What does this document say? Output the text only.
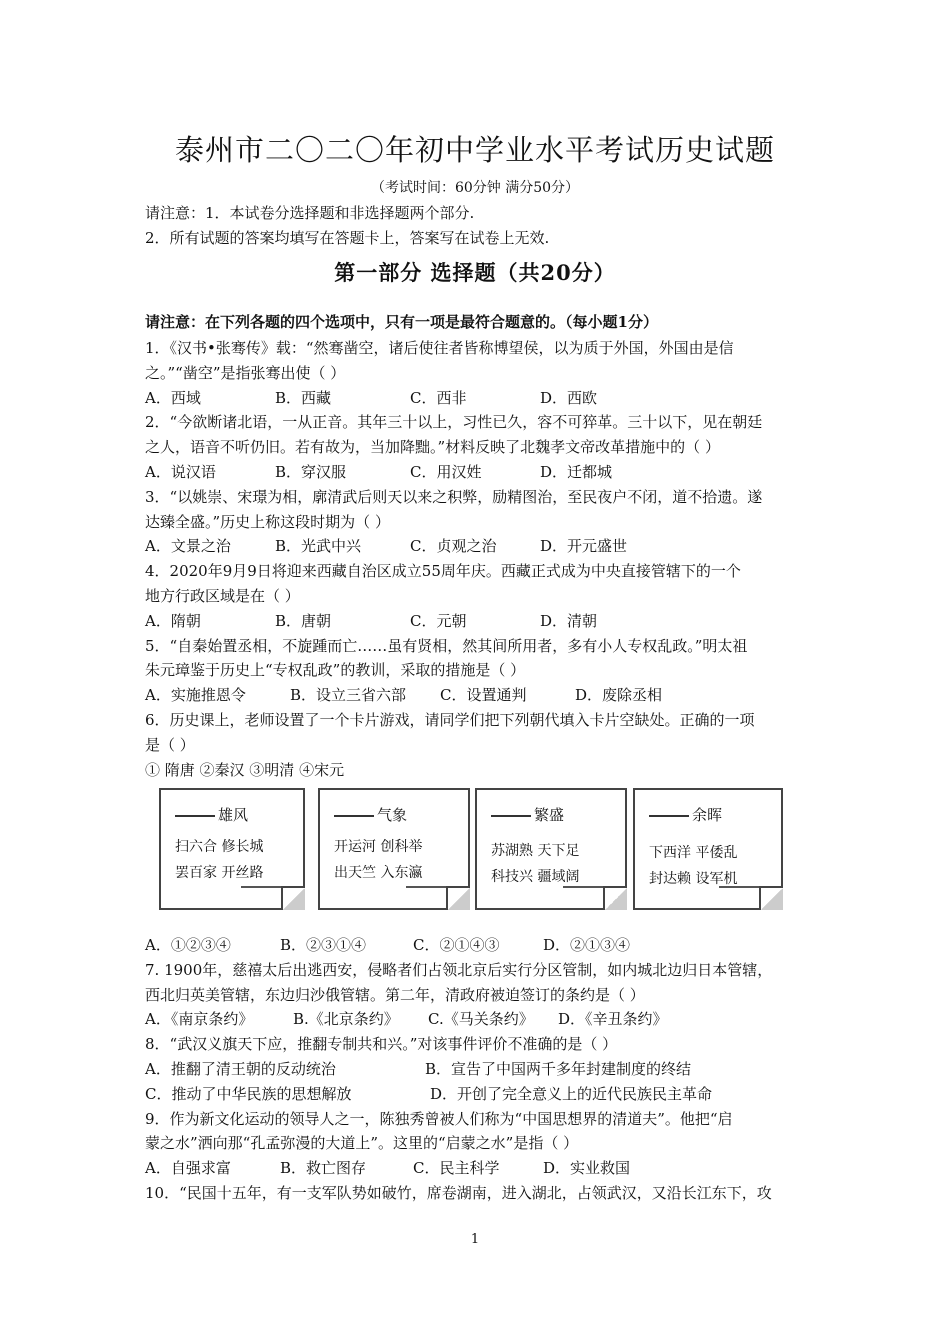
泰州市二〇二〇年初中学业水平考试历史试题
（考试时间：60分钟 满分50分）
请注意：1．本试卷分选择题和非选择题两个部分.
2．所有试题的答案均填写在答题卡上，答案写在试卷上无效.
第一部分 选择题（共20分）
请注意：在下列各题的四个选项中，只有一项是最符合题意的。（每小题1分）
1．《汉书•张骞传》载：“然骞凿空，诸后使往者皆称博望侯，以为质于外国，外国由是信
之。”“凿空”是指张骞出使（ ）
A．西域	B．西藏	C．西非	D．西欧
2．“今欲断诸北语，一从正音。其年三十以上，习性已久，容不可猝革。三十以下，见在朝廷
之人，语音不听仍旧。若有故为，当加降黜。”材料反映了北魏孝文帝改革措施中的（ ）
A．说汉语	B．穿汉服	C．用汉姓	D．迁都城
3．“以姚崇、宋璟为相，廓清武后则天以来之积弊，励精图治，至民夜户不闭，道不拾遗。遂
达臻全盛。”历史上称这段时期为（ ）
A．文景之治	B．光武中兴	C．贞观之治	D．开元盛世
4．2020年9月9日将迎来西藏自治区成立55周年庆。西藏正式成为中央直接管辖下的一个
地方行政区域是在（ ）
A．隋朝	B．唐朝	C．元朝	D．清朝
5．“自秦始置丞相，不旋踵而亡……虽有贤相，然其间所用者，多有小人专权乱政。”明太祖
朱元璋鉴于历史上“专权乱政”的教训，采取的措施是（ ）
A．实施推恩令	B．设立三省六部	C．设置通判	D．废除丞相
6．历史课上，老师设置了一个卡片游戏，请同学们把下列朝代填入卡片空缺处。正确的一项
是（ ）
① 隋唐 ②秦汉 ③明清 ④宋元
雄风
扫六合 修长城
罢百家 开丝路
气象
开运河 创科举
出天竺 入东瀛
繁盛
苏湖熟 天下足
科技兴 疆域阔
余晖
下西洋 平倭乱
封达赖 设军机
A．①②③④	B．②③①④	C．②①④③	D．②①③④
7. 1900年，慈禧太后出逃西安，侵略者们占领北京后实行分区管制，如内城北边归日本管辖，
西北归英美管辖，东边归沙俄管辖。第二年，清政府被迫签订的条约是（ ）
A．《南京条约》	B.《北京条约》	C.《马关条约》	D．《辛丑条约》
8．“武汉义旗天下应，推翻专制共和兴。”对该事件评价不准确的是（ ）
A．推翻了清王朝的反动统治	B．宣告了中国两千多年封建制度的终结
C．推动了中华民族的思想解放	D．开创了完全意义上的近代民族民主革命
9．作为新文化运动的领导人之一，陈独秀曾被人们称为“中国思想界的清道夫”。他把“启
蒙之水”洒向那“孔孟弥漫的大道上”。这里的“启蒙之水”是指（ ）
A．自强求富	B．救亡图存	C．民主科学	D．实业救国
10．“民国十五年，有一支军队势如破竹，席卷湖南，进入湖北，占领武汉，又沿长江东下，攻
1
